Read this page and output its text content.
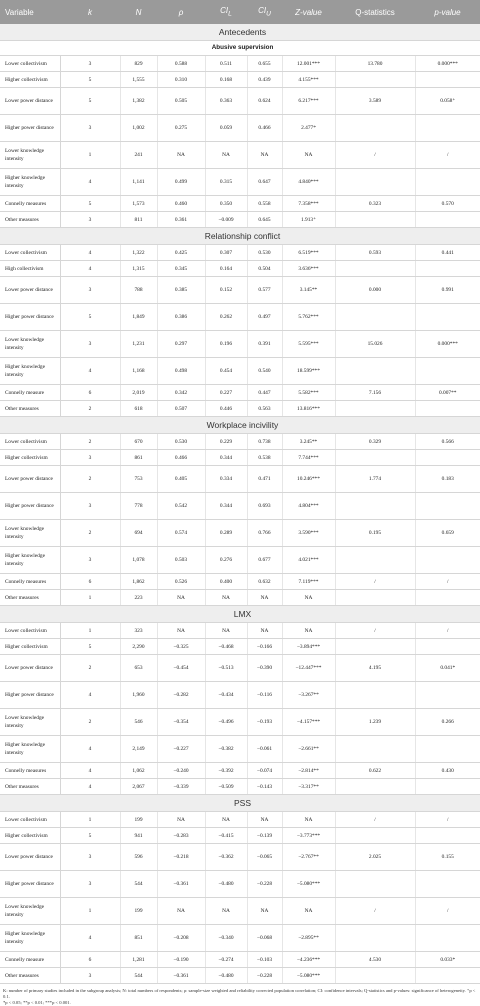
Variable	k	N	ρ	$CI_L$	$CI_U$	Z-value	Q-statistics	p-value
Antecedents								
Abusive supervision								
Lower collectivism	3	829	0.588	0.511	0.655	12.001***	13.780	0.000***
Higher collectivism	5	1,555	0.310	0.168	0.439	4.155***		
Lower power distance	5	1,382	0.505	0.363	0.624	6.217***	3.589	0.058⁺
Higher power distance	3	1,002	0.275	0.059	0.466	2.477*		
Lower knowledge intensity	1	241	NA	NA	NA	NA	/	/
Higher knowledge intensity	4	1,141	0.499	0.315	0.647	4.840***		
Connelly measures	5	1,573	0.460	0.350	0.558	7.358***	0.323	0.570
Other measures	3	811	0.361	−0.009	0.645	1.913⁺		
Relationship conflict								
Lower collectivism	4	1,322	0.425	0.307	0.530	6.519***	0.593	0.441
High collectivism	4	1,315	0.345	0.164	0.504	3.636***		
Lower power distance	3	788	0.385	0.152	0.577	3.145**	0.000	0.991
Higher power distance	5	1,849	0.386	0.262	0.497	5.762***		
Lower knowledge intensity	3	1,231	0.297	0.196	0.391	5.595***	15.026	0.000***
Higher knowledge intensity	4	1,168	0.498	0.454	0.540	18.599***		
Connelly measure	6	2,019	0.342	0.227	0.447	5.582***	7.156	0.007**
Other measures	2	618	0.507	0.446	0.563	13.816***		
Workplace incivility								
Lower collectivism	2	670	0.530	0.229	0.738	3.245**	0.329	0.566
Higher collectivism	3	861	0.466	0.344	0.538	7.744***		
Lower power distance	2	753	0.405	0.334	0.471	10.246***	1.774	0.183
Higher power distance	3	778	0.542	0.344	0.693	4.804***		
Lower knowledge intensity	2	694	0.574	0.289	0.766	3.590***	0.195	0.659
Higher knowledge intensity	3	1,078	0.503	0.276	0.677	4.021***		
Connelly measures	6	1,862	0.526	0.400	0.632	7.119***	/	/
Other measures	1	223	NA	NA	NA	NA		
LMX								
Lower collectivism	1	323	NA	NA	NA	NA	/	/
Higher collectivism	5	2,290	−0.325	−0.468	−0.166	−3.894***		
Lower power distance	2	653	−0.454	−0.513	−0.390	−12.447***	4.195	0.041*
Higher power distance	4	1,960	−0.282	−0.434	−0.116	−3.267**		
Lower knowledge intensity	2	546	−0.354	−0.496	−0.193	−4.157***	1.239	0.266
Higher knowledge intensity	4	2,149	−0.227	−0.382	−0.061	−2.661**		
Connelly measures	4	1,062	−0.240	−0.392	−0.074	−2.814**	0.622	0.430
Other measures	4	2,067	−0.339	−0.509	−0.143	−3.317**		
PSS								
Lower collectivism	1	199	NA	NA	NA	NA	/	/
Higher collectivism	5	941	−0.283	−0.415	−0.139	−3.773***		
Lower power distance	3	596	−0.218	−0.362	−0.065	−2.767**	2.025	0.155
Higher power distance	3	544	−0.361	−0.480	−0.228	−5.080***		
Lower knowledge intensity	1	199	NA	NA	NA	NA	/	/
Higher knowledge intensity	4	851	−0.208	−0.340	−0.068	−2.895**		
Connelly measure	6	1,281	−0.190	−0.274	−0.103	−4.236***	4.530	0.033*
Other measures	3	544	−0.361	−0.480	−0.228	−5.080***		
K: number of primary studies included in the subgroup analysis; N: total numbers of respondents; ρ: sample-size weighted and reliability corrected population correlation; CI: confidence intervals; Q-statistics and p-values: significance of heterogeneity. ⁺p < 0.1.
*p < 0.05; **p < 0.01; ***p < 0.001.
